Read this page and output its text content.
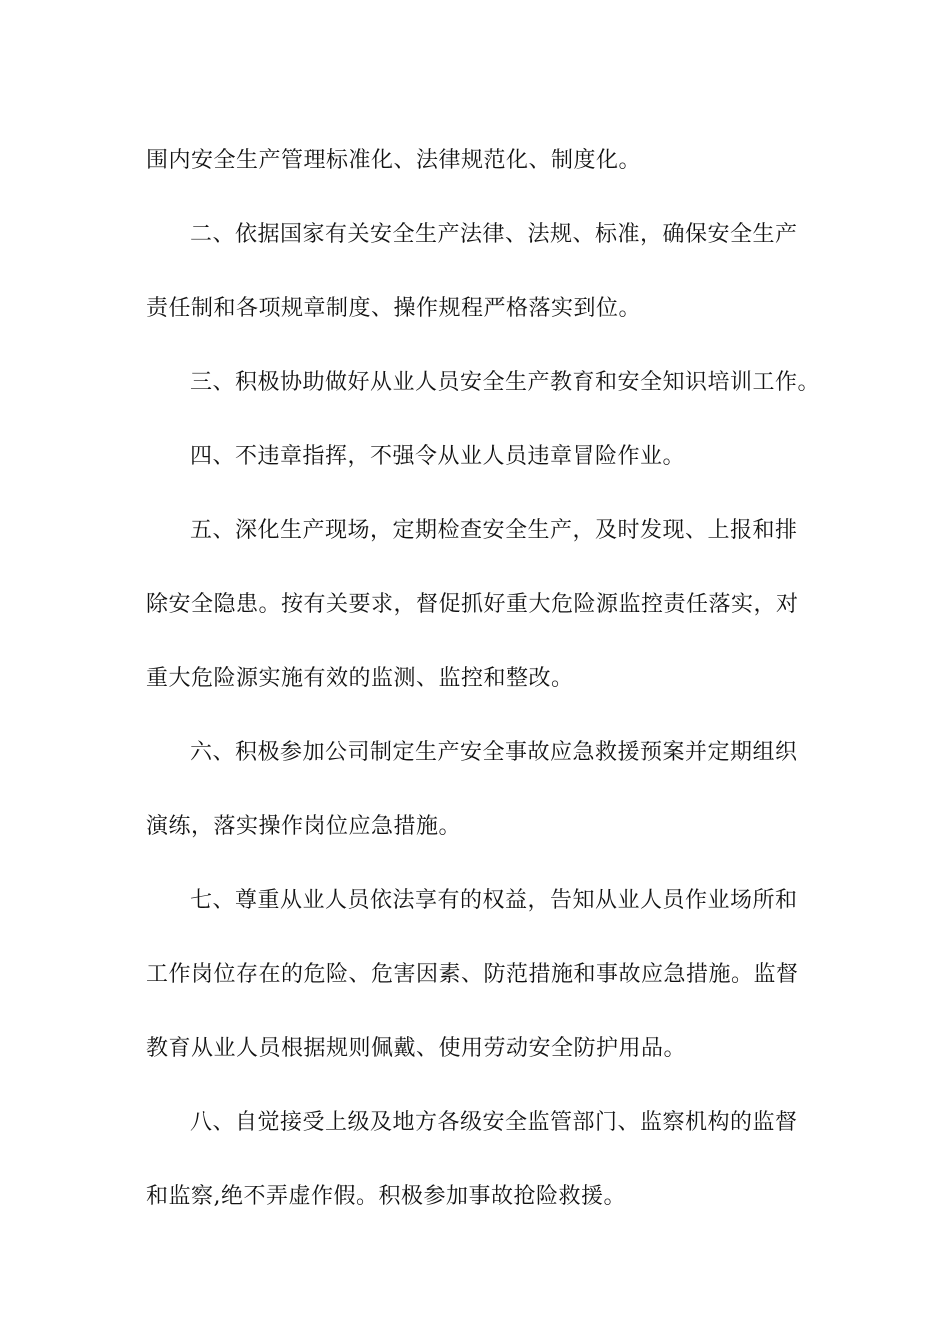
围内安全生产管理标准化、法律规范化、制度化。
二、依据国家有关安全生产法律、法规、标准，确保安全生产
责任制和各项规章制度、操作规程严格落实到位。
三、积极协助做好从业人员安全生产教育和安全知识培训工作。
四、不违章指挥，不强令从业人员违章冒险作业。
五、深化生产现场，定期检查安全生产，及时发现、上报和排
除安全隐患。按有关要求，督促抓好重大危险源监控责任落实，对
重大危险源实施有效的监测、监控和整改。
六、积极参加公司制定生产安全事故应急救援预案并定期组织
演练，落实操作岗位应急措施。
七、尊重从业人员依法享有的权益，告知从业人员作业场所和
工作岗位存在的危险、危害因素、防范措施和事故应急措施。监督
教育从业人员根据规则佩戴、使用劳动安全防护用品。
八、自觉接受上级及地方各级安全监管部门、监察机构的监督
和监察,绝不弄虚作假。积极参加事故抢险救援。
